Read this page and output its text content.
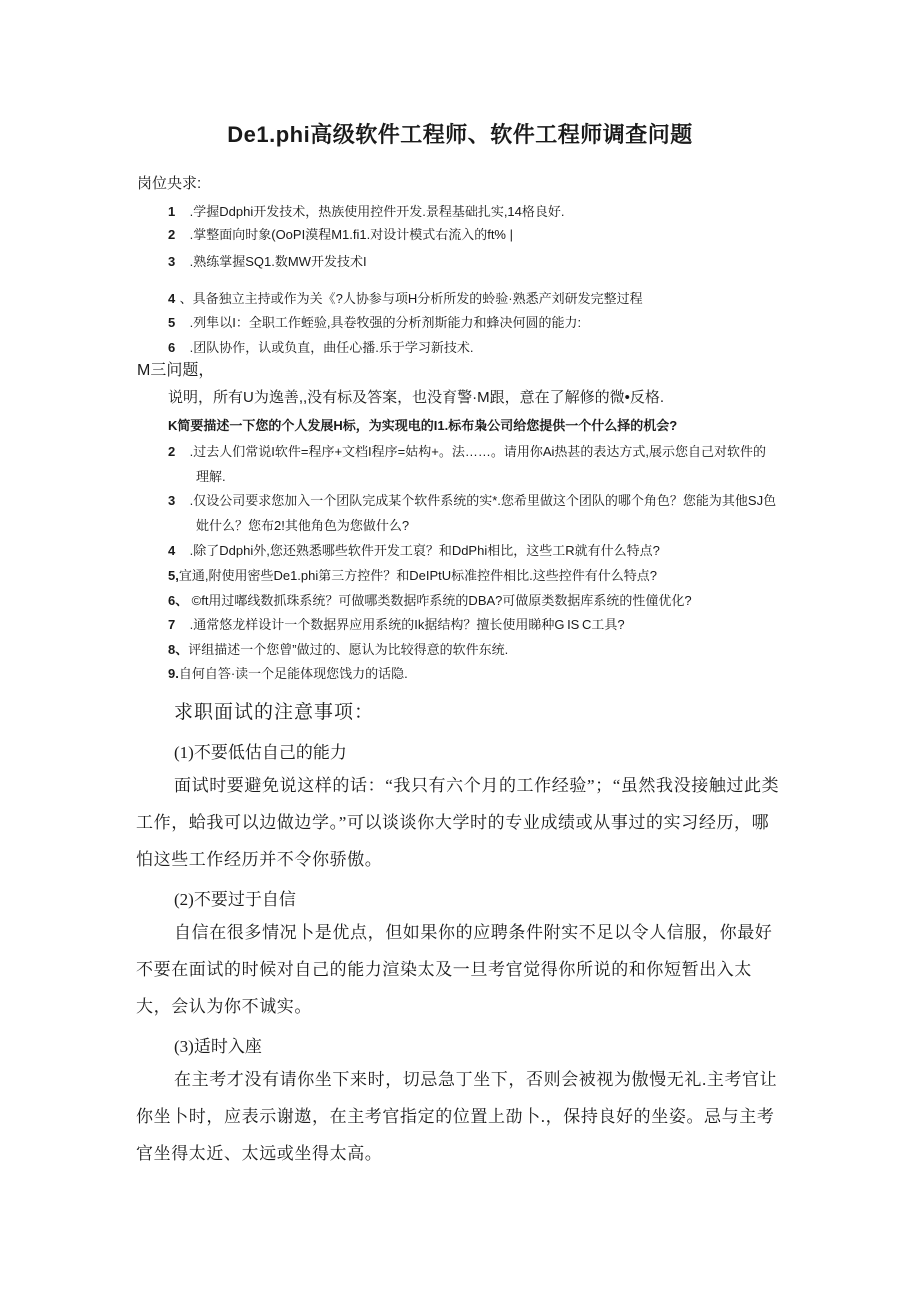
De1.phi高级软件工程师、软件工程师调查问题
岗位央求:
1 .学握Ddphi开发技术，热族使用控件开发.景程基础扎实,14格良好.
2 .掌整面向时象(OoPI漠程M1.fi1.对设计模式右流入的ft% |
3 .熟练掌握SQ1.数MW开发技术I
4 、具备独立主持或作为关《?人协参与项H分析所发的蛉验·熟悉产刘研发完整过程
5 .列隼以I：全职工作蛭验,具卷牧强的分析剂斯能力和蜂决何圆的能力:
6 .团队协作，认或负直，曲任心播.乐于学习新技术.
M三问题，
说明，所有U为逸善,,没有标及答案，也没育警·M跟，意在了解修的微•反格.
K简要描述一下您的个人发展H标，为实现电的I1.标布枭公司给您提供一个什么择的机会?
2 .过去人们常说I软件=程序+文档I程序=姑构+。法……。请用你Ai热甚的表达方式,展示您自己对软件的
理解.
3 .仅设公司要求您加入一个团队完成某个软件系统的实*.您希里做这个团队的哪个角色？您能为其他SJ色
妣什么？您布2!其他角色为您做什么?
4 .除了Ddphi外,您还熟悉哪些软件开发工裒？和DdPhi相比，这些工R就有什么特点?
5,宜通,附使用密些De1.phi第三方控件？和DeIPtU标准控件相比.这些控件有什么特点?
6、 ©ft用过嘟线数抓珠系统？可做哪类数据咋系统的DBA?可做原类数据库系统的性僮优化?
7 .通常悠龙样设计一个数据界应用系统的Ik据结构？擅长使用睇种G IS C工具?
8、评组描述一个您曾”做过的、愿认为比较得意的软件东统.
9.自何自答·读一个足能体现您饯力的话隐.
求职面试的注意事项：
(1)不要低估自己的能力
面试时要避免说这样的话：“我只有六个月的工作经验”；“虽然我没接触过此类工作，蛤我可以边做边学。”可以谈谈你大学时的专业成绩或从事过的实习经历，哪怕这些工作经历并不令你骄傲。
(2)不要过于自信
自信在很多情况卜是优点，但如果你的应聘条件附实不足以令人信服，你最好不要在面试的时候对自己的能力渲染太及一旦考官觉得你所说的和你短暂出入太大，会认为你不诚实。
(3)适时入座
在主考才没有请你坐下来时，切忌急丁坐下，否则会被视为傲慢无礼.主考官让你坐卜时，应表示谢遨，在主考官指定的位置上劭卜.，保持良好的坐姿。忌与主考官坐得太近、太远或坐得太高。
